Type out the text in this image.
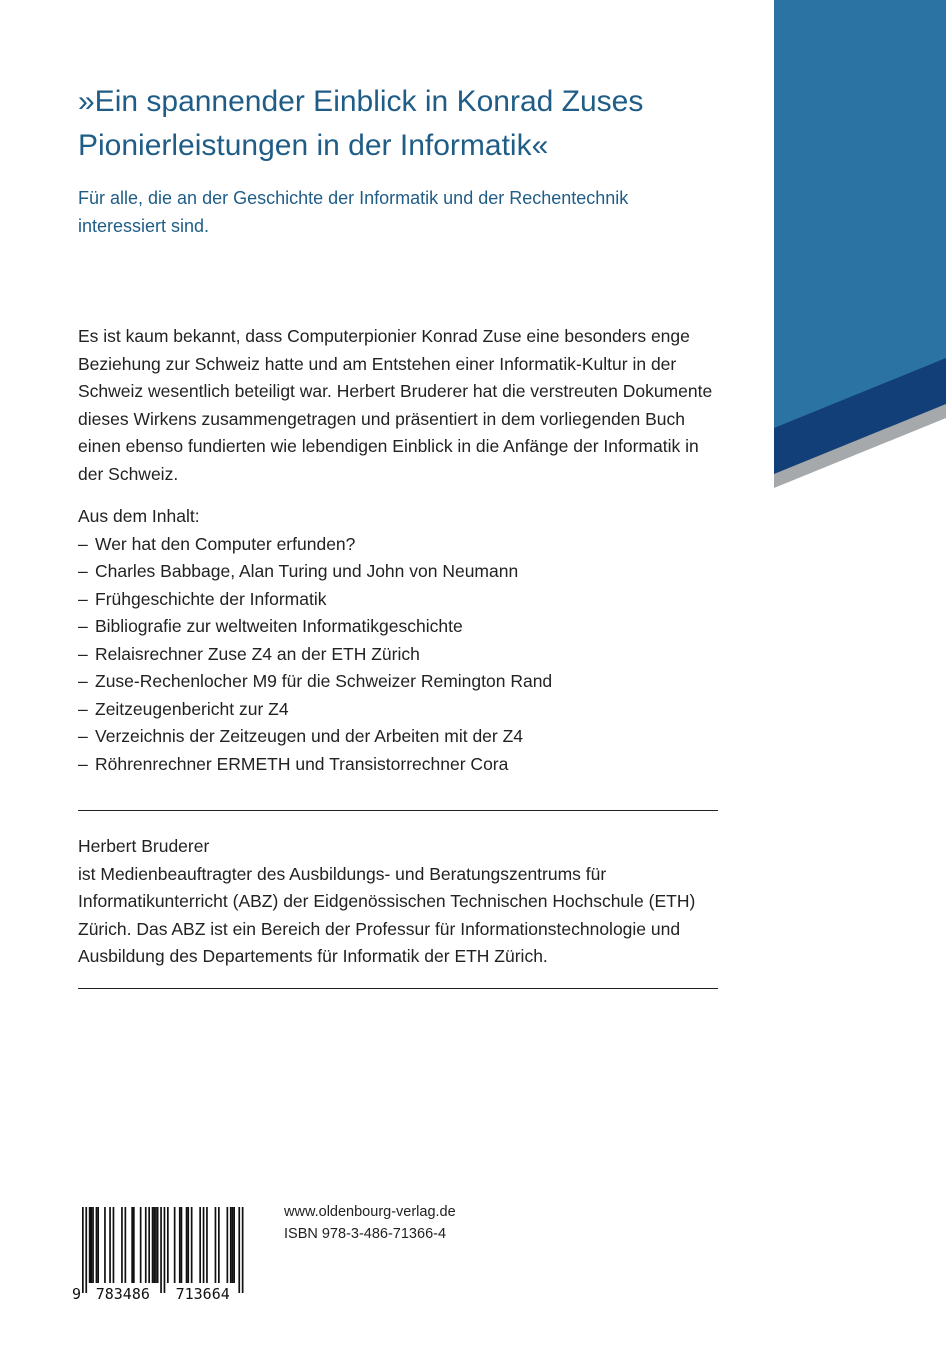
»Ein spannender Einblick in Konrad Zuses Pionierleistungen in der Informatik«

Für alle, die an der Geschichte der Informatik und der Rechentechnik interessiert sind.

Es ist kaum bekannt, dass Computerpionier Konrad Zuse eine besonders enge Beziehung zur Schweiz hatte und am Entstehen einer Informatik-Kultur in der Schweiz wesentlich beteiligt war. Herbert Bruderer hat die verstreuten Dokumente dieses Wirkens zusammengetragen und präsentiert in dem vorliegenden Buch einen ebenso fundierten wie lebendigen Einblick in die Anfänge der Informatik in der Schweiz.

Aus dem Inhalt:
– Wer hat den Computer erfunden?
– Charles Babbage, Alan Turing und John von Neumann
– Frühgeschichte der Informatik
– Bibliografie zur weltweiten Informatikgeschichte
– Relaisrechner Zuse Z4 an der ETH Zürich
– Zuse-Rechenlocher M9 für die Schweizer Remington Rand
– Zeitzeugenbericht zur Z4
– Verzeichnis der Zeitzeugen und der Arbeiten mit der Z4
– Röhrenrechner ERMETH und Transistorrechner Cora
Herbert Bruderer
ist Medienbeauftragter des Ausbildungs- und Beratungszentrums für Informatikunterricht (ABZ) der Eidgenössischen Technischen Hochschule (ETH) Zürich. Das ABZ ist ein Bereich der Professur für Informationstechnologie und Ausbildung des Departements für Informatik der ETH Zürich.
9 783486 713664
www.oldenbourg-verlag.de
ISBN 978-3-486-71366-4
